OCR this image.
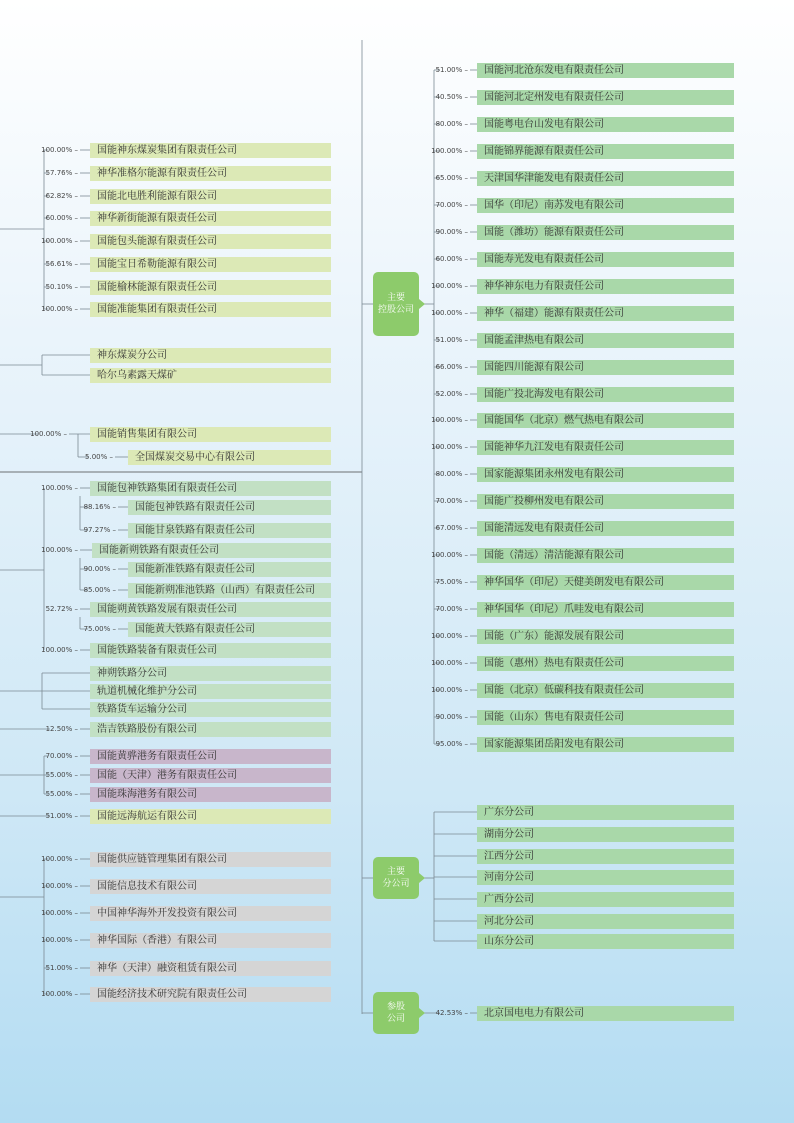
100.00% –	国能神东煤炭集团有限责任公司
57.76% –	神华准格尔能源有限责任公司
62.82% –	国能北电胜利能源有限公司
60.00% –	神华新街能源有限责任公司
100.00% –	国能包头能源有限责任公司
56.61% –	国能宝日希勒能源有限公司
50.10% –	国能榆林能源有限责任公司
100.00% –	国能准能集团有限责任公司
神东煤炭分公司
哈尔乌素露天煤矿
100.00% –	国能销售集团有限公司
5.00% –	全国煤炭交易中心有限公司
100.00% –	国能包神铁路集团有限责任公司
88.16% –	国能包神铁路有限责任公司
97.27% –	国能甘泉铁路有限责任公司
100.00% –	国能新朔铁路有限责任公司
90.00% –	国能新准铁路有限责任公司
85.00% –	国能新朔准池铁路（山西）有限责任公司
52.72% –	国能朔黄铁路发展有限责任公司
75.00% –	国能黄大铁路有限责任公司
100.00% –	国能铁路装备有限责任公司
神朔铁路分公司
轨道机械化维护分公司
铁路货车运输分公司
12.50% –	浩吉铁路股份有限公司
70.00% –	国能黄骅港务有限责任公司
55.00% –	国能（天津）港务有限责任公司
55.00% –	国能珠海港务有限公司
51.00% –	国能远海航运有限公司
100.00% –	国能供应链管理集团有限公司
100.00% –	国能信息技术有限公司
100.00% –	中国神华海外开发投资有限公司
100.00% –	神华国际（香港）有限公司
51.00% –	神华（天津）融资租赁有限公司
100.00% –	国能经济技术研究院有限责任公司
51.00% –	国能河北沧东发电有限责任公司
40.50% –	国能河北定州发电有限责任公司
80.00% –	国能粤电台山发电有限公司
100.00% –	国能锦界能源有限责任公司
65.00% –	天津国华津能发电有限责任公司
70.00% –	国华（印尼）南苏发电有限公司
90.00% –	国能（潍坊）能源有限责任公司
60.00% –	国能寿光发电有限责任公司
100.00% –	神华神东电力有限责任公司
100.00% –	神华（福建）能源有限责任公司
51.00% –	国能孟津热电有限公司
66.00% –	国能四川能源有限公司
52.00% –	国能广投北海发电有限公司
100.00% –	国能国华（北京）燃气热电有限公司
100.00% –	国能神华九江发电有限责任公司
80.00% –	国家能源集团永州发电有限公司
70.00% –	国能广投柳州发电有限公司
67.00% –	国能清远发电有限责任公司
100.00% –	国能（清远）清洁能源有限公司
75.00% –	神华国华（印尼）天健美朗发电有限公司
70.00% –	神华国华（印尼）爪哇发电有限公司
100.00% –	国能（广东）能源发展有限公司
100.00% –	国能（惠州）热电有限责任公司
100.00% –	国能（北京）低碳科技有限责任公司
90.00% –	国能（山东）售电有限责任公司
95.00% –	国家能源集团岳阳发电有限公司
广东分公司
湖南分公司
江西分公司
河南分公司
广西分公司
河北分公司
山东分公司
42.53% –	北京国电电力有限公司
主要
控股公司
主要
分公司
参股
公司
